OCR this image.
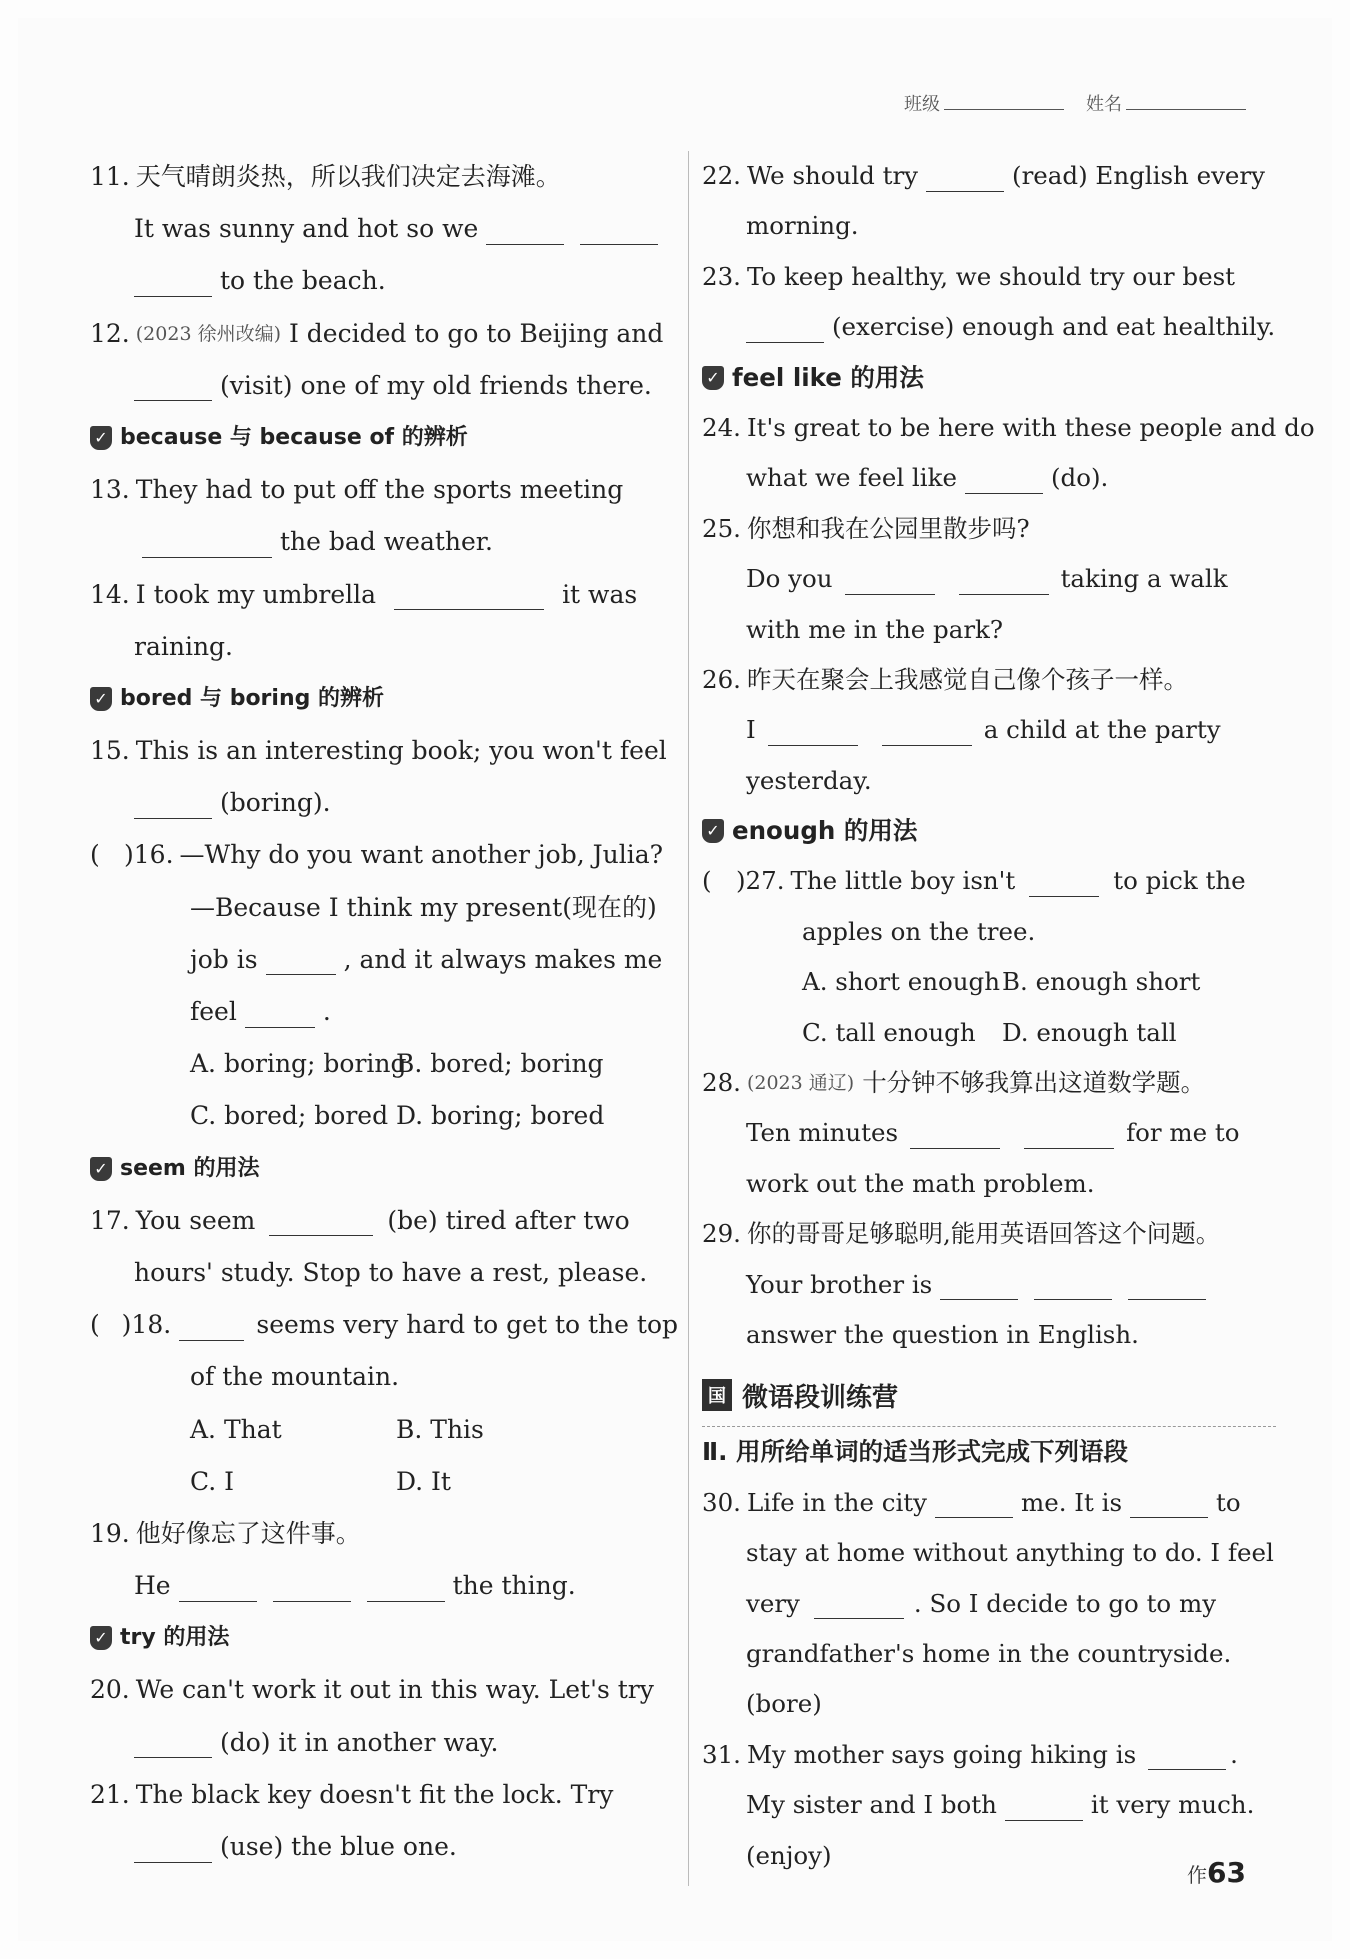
班级	姓名
11. 天气晴朗炎热，所以我们决定去海滩。
It was sunny and hot so we
to the beach.
12. (2023 徐州改编) I decided to go to Beijing and
(visit) one of my old friends there.
✓ because 与 because of 的辨析
13. They had to put off the sports meeting
the bad weather.
14. I took my umbrella	it was
raining.
✓ bored 与 boring 的辨析
15. This is an interesting book; you won't feel
(boring).
( )16. —Why do you want another job, Julia?
—Because I think my present(现在的)
job is	, and it always makes me
feel	.
A. boring; boring
B. bored; boring
C. bored; bored D. boring; bored
✓ seem 的用法
17. You seem	(be) tired after two
hours' study. Stop to have a rest, please.
( )18.	seems very hard to get to the top
of the mountain.
A. That	B. This
C. I	D. It
19. 他好像忘了这件事。
He	the thing.
✓ try 的用法
20. We can't work it out in this way. Let's try
(do) it in another way.
21. The black key doesn't fit the lock. Try
(use) the blue one.
22. We should try	(read) English every
morning.
23. To keep healthy, we should try our best
(exercise) enough and eat healthily.
✓ feel like 的用法
24. It's great to be here with these people and do
what we feel like	(do).
25. 你想和我在公园里散步吗?
Do you	taking a walk
with me in the park?
26. 昨天在聚会上我感觉自己像个孩子一样。
I	a child at the party
yesterday.
✓ enough 的用法
( )27. The little boy isn't	to pick the
apples on the tree.
A. short enough B. enough short
C. tall enough	D. enough tall
28. (2023 通辽) 十分钟不够我算出这道数学题。
Ten minutes	for me to
work out the math problem.
29. 你的哥哥足够聪明,能用英语回答这个问题。
Your brother is
answer the question in English.
国 微语段训练营
Ⅱ. 用所给单词的适当形式完成下列语段
30. Life in the city	me. It is	to
stay at home without anything to do. I feel
very	. So I decide to go to my
grandfather's home in the countryside.
(bore)
31. My mother says going hiking is	.
My sister and I both	it very much.
(enjoy)
作63
